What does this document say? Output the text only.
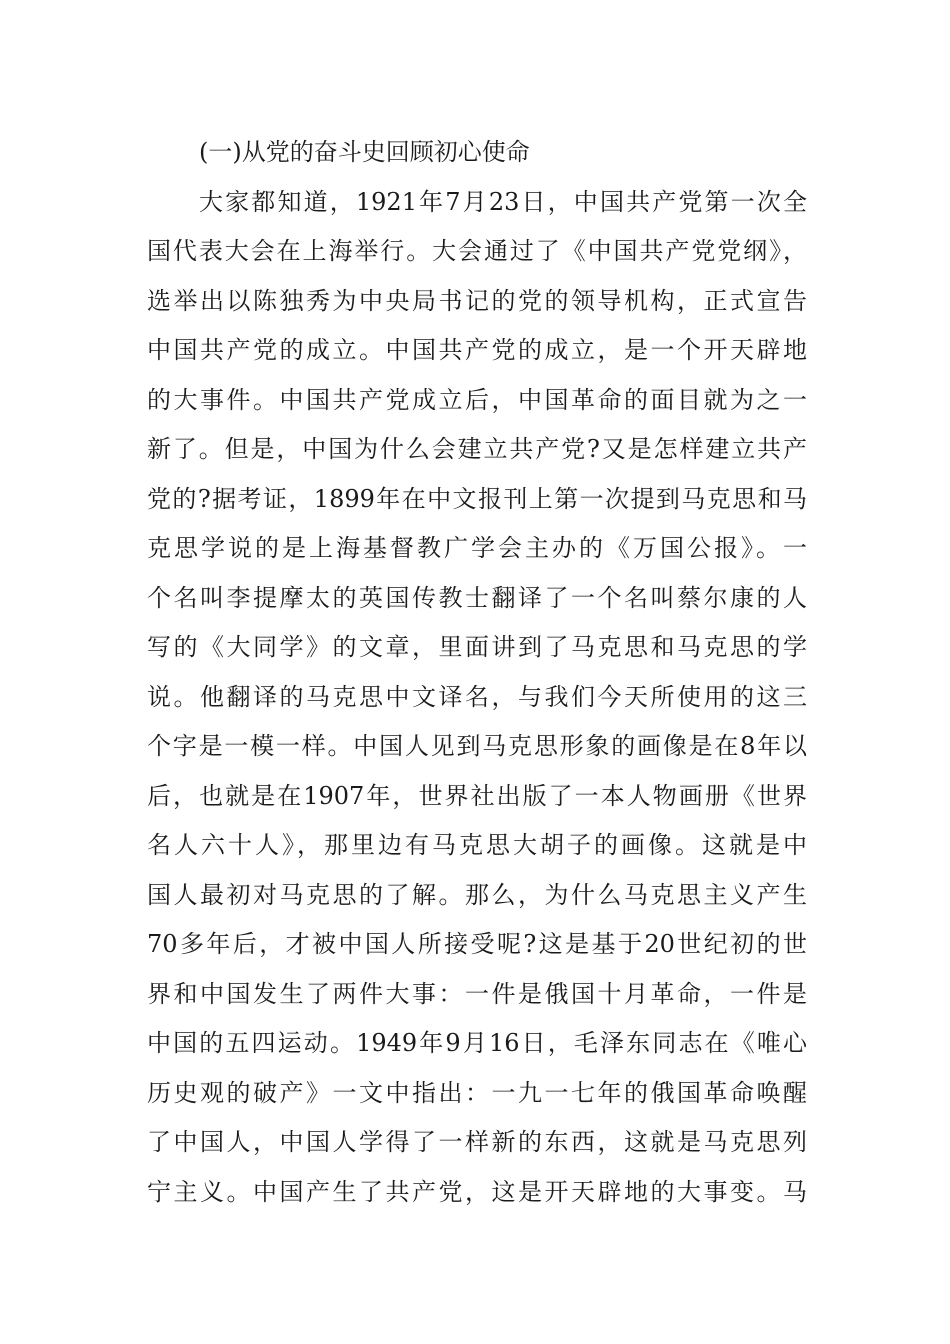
(一)从党的奋斗史回顾初心使命

大家都知道，1921年7月23日，中国共产党第一次全

国代表大会在上海举行。大会通过了《中国共产党党纲》，

选举出以陈独秀为中央局书记的党的领导机构，正式宣告

中国共产党的成立。中国共产党的成立，是一个开天辟地

的大事件。中国共产党成立后，中国革命的面目就为之一

新了。但是，中国为什么会建立共产党?又是怎样建立共产

党的?据考证，1899年在中文报刊上第一次提到马克思和马

克思学说的是上海基督教广学会主办的《万国公报》。一

个名叫李提摩太的英国传教士翻译了一个名叫蔡尔康的人

写的《大同学》的文章，里面讲到了马克思和马克思的学

说。他翻译的马克思中文译名，与我们今天所使用的这三

个字是一模一样。中国人见到马克思形象的画像是在8年以

后，也就是在1907年，世界社出版了一本人物画册《世界

名人六十人》，那里边有马克思大胡子的画像。这就是中

国人最初对马克思的了解。那么，为什么马克思主义产生

70多年后，才被中国人所接受呢?这是基于20世纪初的世

界和中国发生了两件大事：一件是俄国十月革命，一件是

中国的五四运动。1949年9月16日，毛泽东同志在《唯心

历史观的破产》一文中指出：一九一七年的俄国革命唤醒

了中国人，中国人学得了一样新的东西，这就是马克思列

宁主义。中国产生了共产党，这是开天辟地的大事变。马
